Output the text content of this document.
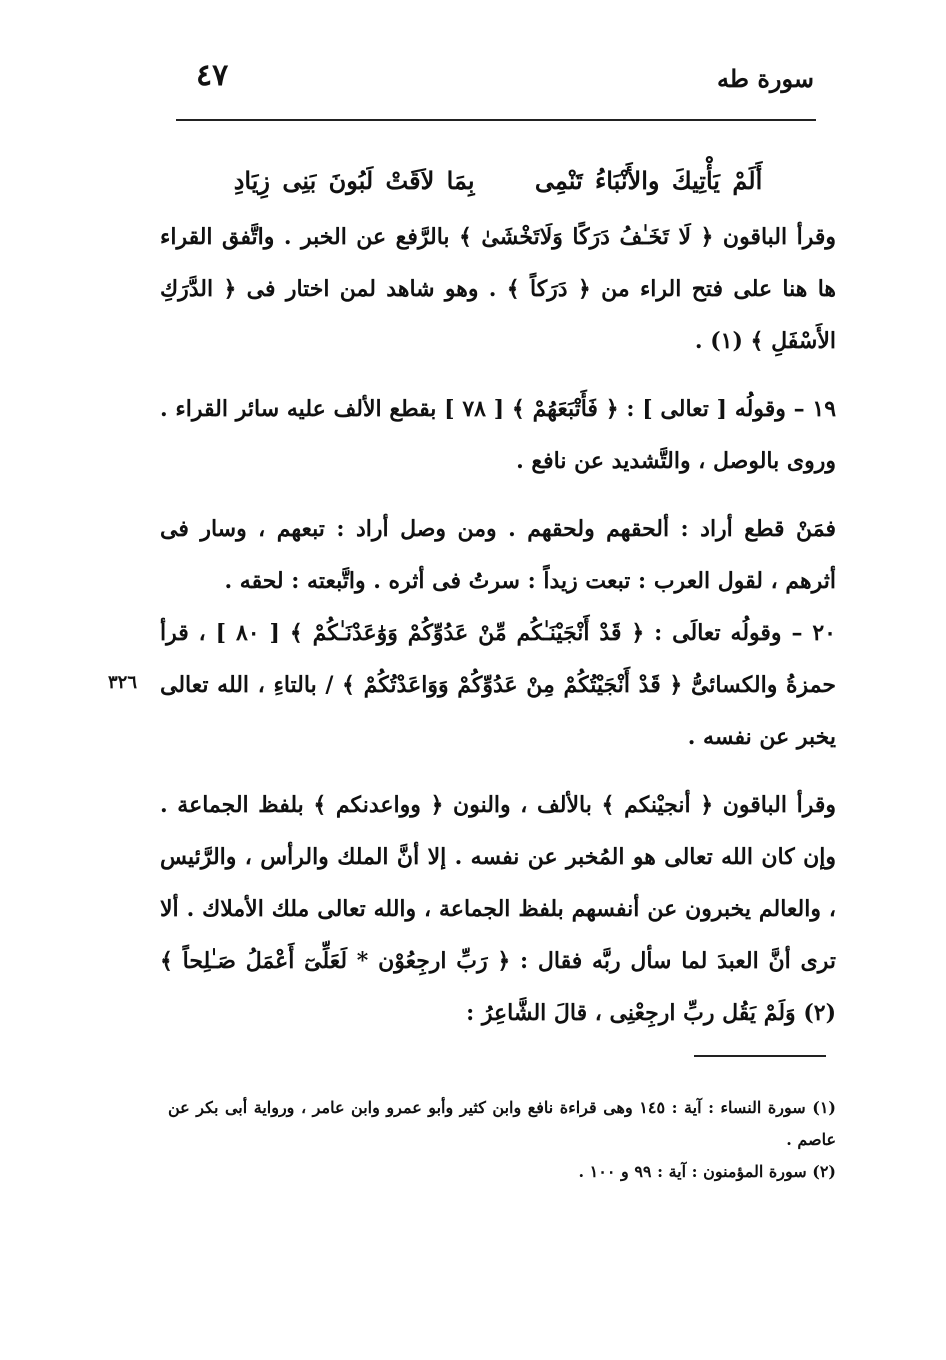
سورة طه
٤٧
أَلَمْ يَأْتِيكَ والأَنْبَاءُ تَنْمِى بِمَا لاَقَتْ لَبُونَ بَنِى زِيَادِ

وقرأ الباقون ﴿ لَا تَخَـٰفُ دَرَكًا وَلَاتَخْشَىٰ ﴾ بالرَّفع عن الخبر . واتَّفق القراء ها هنا على فتح الراء من ﴿ دَرَكاً ﴾ . وهو شاهد لمن اختار فى ﴿ الدَّرَكِ الأَسْفَلِ ﴾ (١) .

١٩ – وقولُه [ تعالى ] : ﴿ فَأَتْبَعَهُمْ ﴾ [ ٧٨ ] بقطع الألف عليه سائر القراء . وروى بالوصل ، والتَّشديد عن نافع .

فمَنْ قطع أراد : ألحقهم ولحقهم . ومن وصل أراد : تبعهم ، وسار فى أثرهم ، لقول العرب : تبعت زيداً : سرتُ فى أثره . واتَّبعته : لحقه .

٢٠ – وقولُه تعالَى : ﴿ قَدْ أَنْجَيْنَـٰكُم مِّنْ عَدُوِّكُمْ وَوَٰعَدْنَـٰكُمْ ﴾ [ ٨٠ ] ، قرأ حمزةُ والكسائىُّ ﴿ قَدْ أَنْجَيْتُكُمْ مِنْ عَدُوِّكُمْ وَوَاعَدْتُكُمْ ﴾ / بالتاءِ ، الله تعالى يخبر عن نفسه .

وقرأ الباقون ﴿ أنجيْنكم ﴾ بالألف ، والنون ﴿ وواعدنكم ﴾ بلفظ الجماعة . وإن كان الله تعالى هو المُخبر عن نفسه . إلا أنَّ الملك والرأس ، والرَّئيس ، والعالم يخبرون عن أنفسهم بلفظ الجماعة ، والله تعالى ملك الأملاك . ألا ترى أنَّ العبدَ لما سأل ربَّه فقال : ﴿ رَبِّ ارجِعُوْن * لَعَلِّىٓ أَعْمَلُ صَـٰلِحاً ﴾ (٢) وَلَمْ يَقُل ربِّ ارجِعْنِى ، قالَ الشَّاعِرُ :

٣٢٦

(١) سورة النساء : آية : ١٤٥ وهى قراءة نافع وابن كثير وأبو عمرو وابن عامر ، ورواية أبى بكر عن عاصم .

(٢) سورة المؤمنون : آية : ٩٩ و ١٠٠ .
